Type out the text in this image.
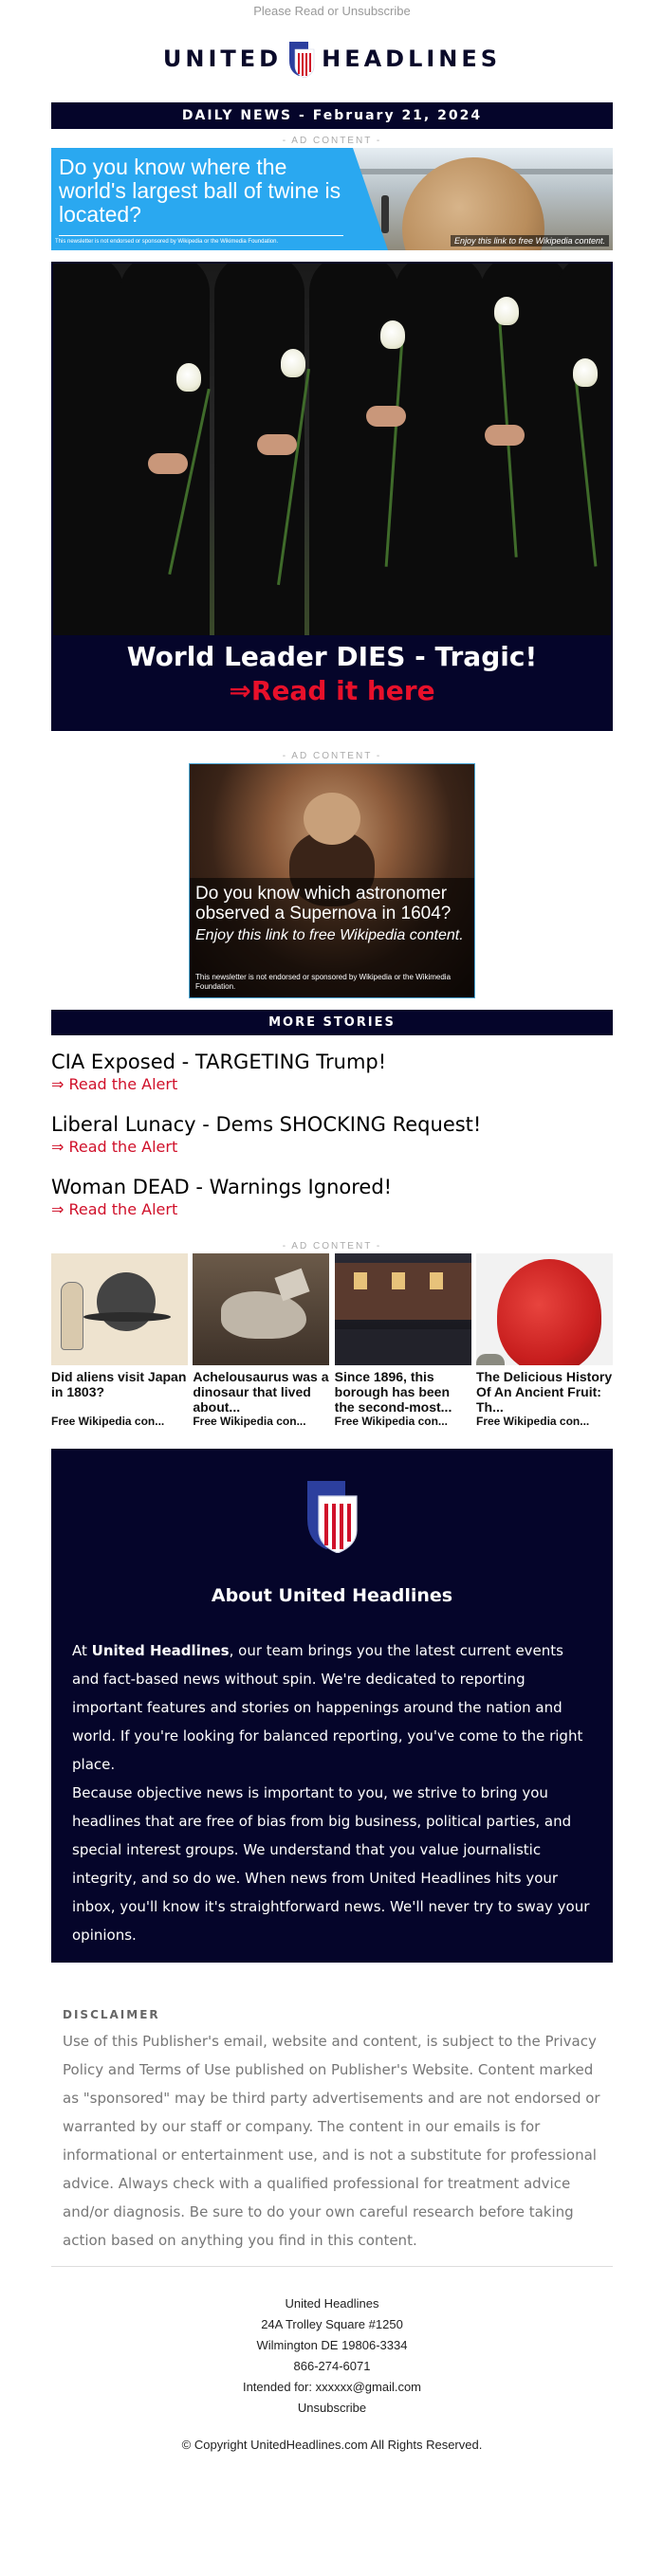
Please Read or Unsubscribe
UNITED HEADLINES
DAILY NEWS - February 21, 2024
- AD CONTENT -
Do you know where the world's largest ball of twine is located?
This newsletter is not endorsed or sponsored by Wikipedia or the Wikimedia Foundation.	Enjoy this link to free Wikipedia content.
World Leader DIES - Tragic!
⇒Read it here
- AD CONTENT -
Do you know which astronomer observed a Supernova in 1604?
Enjoy this link to free Wikipedia content.
This newsletter is not endorsed or sponsored by Wikipedia or the Wikimedia Foundation.
MORE STORIES
CIA Exposed - TARGETING Trump!
⇒ Read the Alert
Liberal Lunacy - Dems SHOCKING Request!
⇒ Read the Alert
Woman DEAD - Warnings Ignored!
⇒ Read the Alert
- AD CONTENT -
Did aliens visit Japan in 1803?
Free Wikipedia con...
Achelousaurus was a dinosaur that lived about...
Free Wikipedia con...
Since 1896, this borough has been the second-most...
Free Wikipedia con...
The Delicious History Of An Ancient Fruit: Th...
Free Wikipedia con...
About United Headlines
At United Headlines, our team brings you the latest current events and fact-based news without spin. We're dedicated to reporting important features and stories on happenings around the nation and world. If you're looking for balanced reporting, you've come to the right place.
Because objective news is important to you, we strive to bring you headlines that are free of bias from big business, political parties, and special interest groups. We understand that you value journalistic integrity, and so do we. When news from United Headlines hits your inbox, you'll know it's straightforward news. We'll never try to sway your opinions.
DISCLAIMER
Use of this Publisher's email, website and content, is subject to the Privacy Policy and Terms of Use published on Publisher's Website. Content marked as "sponsored" may be third party advertisements and are not endorsed or warranted by our staff or company. The content in our emails is for informational or entertainment use, and is not a substitute for professional advice. Always check with a qualified professional for treatment advice and/or diagnosis. Be sure to do your own careful research before taking action based on anything you find in this content.
United Headlines
24A Trolley Square #1250
Wilmington DE 19806-3334
866-274-6071
Intended for: xxxxxx@gmail.com
Unsubscribe
© Copyright UnitedHeadlines.com All Rights Reserved.
